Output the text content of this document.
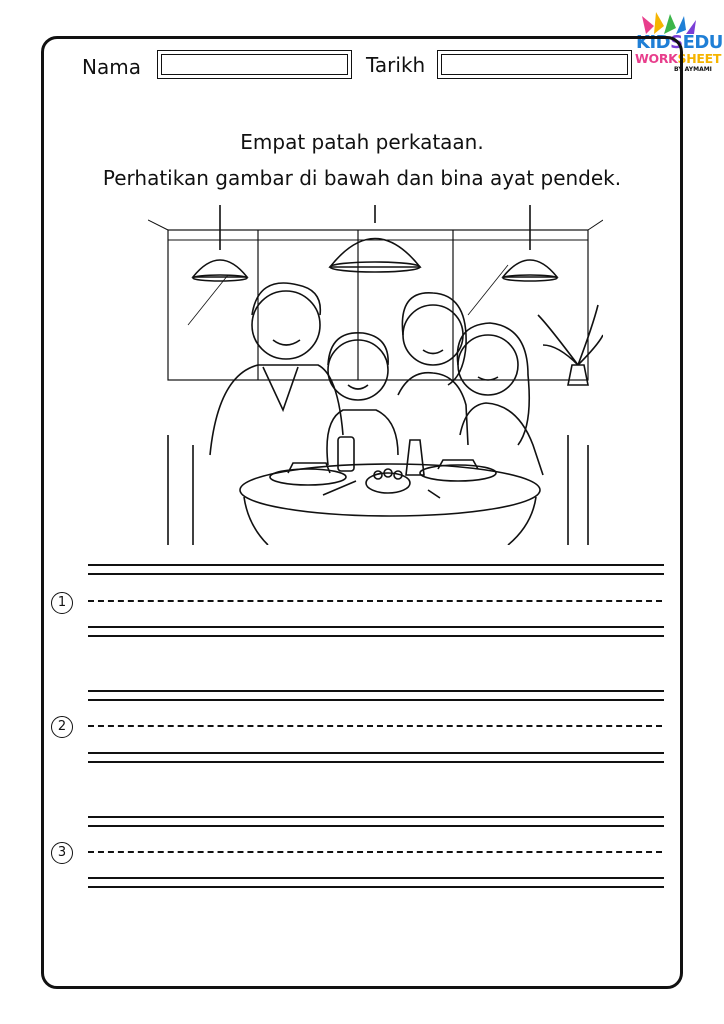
KIDSEDU
WORKSHEET
BY AYMAMI
Nama	Tarikh
Empat patah perkataan.
Perhatikan gambar di bawah dan bina ayat pendek.
1
2
3
